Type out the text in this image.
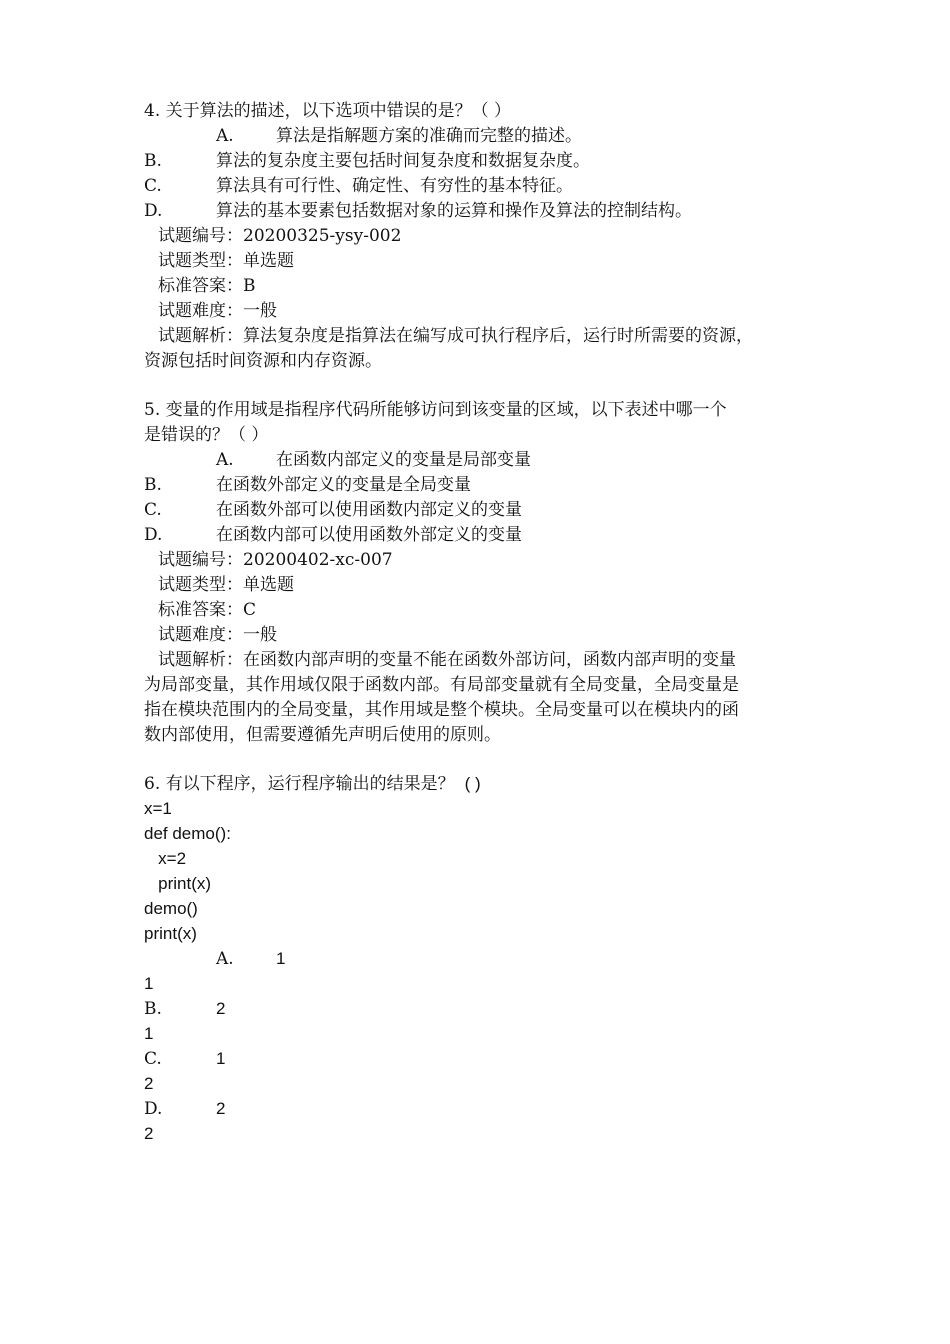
4. 关于算法的描述，以下选项中错误的是？（ ）
A. 算法是指解题方案的准确而完整的描述。
B.	算法的复杂度主要包括时间复杂度和数据复杂度。
C.	算法具有可行性、确定性、有穷性的基本特征。
D.	算法的基本要素包括数据对象的运算和操作及算法的控制结构。
试题编号：20200325-ysy-002
试题类型：单选题
标准答案：B
试题难度：一般
试题解析：算法复杂度是指算法在编写成可执行程序后，运行时所需要的资源，
资源包括时间资源和内存资源。
5. 变量的作用域是指程序代码所能够访问到该变量的区域，以下表述中哪一个
是错误的？（ ）
A. 在函数内部定义的变量是局部变量
B.	在函数外部定义的变量是全局变量
C.	在函数外部可以使用函数内部定义的变量
D.	在函数内部可以使用函数外部定义的变量
试题编号：20200402-xc-007
试题类型：单选题
标准答案：C
试题难度：一般
试题解析：在函数内部声明的变量不能在函数外部访问，函数内部声明的变量
为局部变量，其作用域仅限于函数内部。有局部变量就有全局变量，全局变量是
指在模块范围内的全局变量，其作用域是整个模块。全局变量可以在模块内的函
数内部使用，但需要遵循先声明后使用的原则。
6. 有以下程序，运行程序输出的结果是？ ( )
x=1
def demo():
x=2
print(x)
demo()
print(x)
A. 1
1
B.	2
1
C.	1
2
D.	2
2
